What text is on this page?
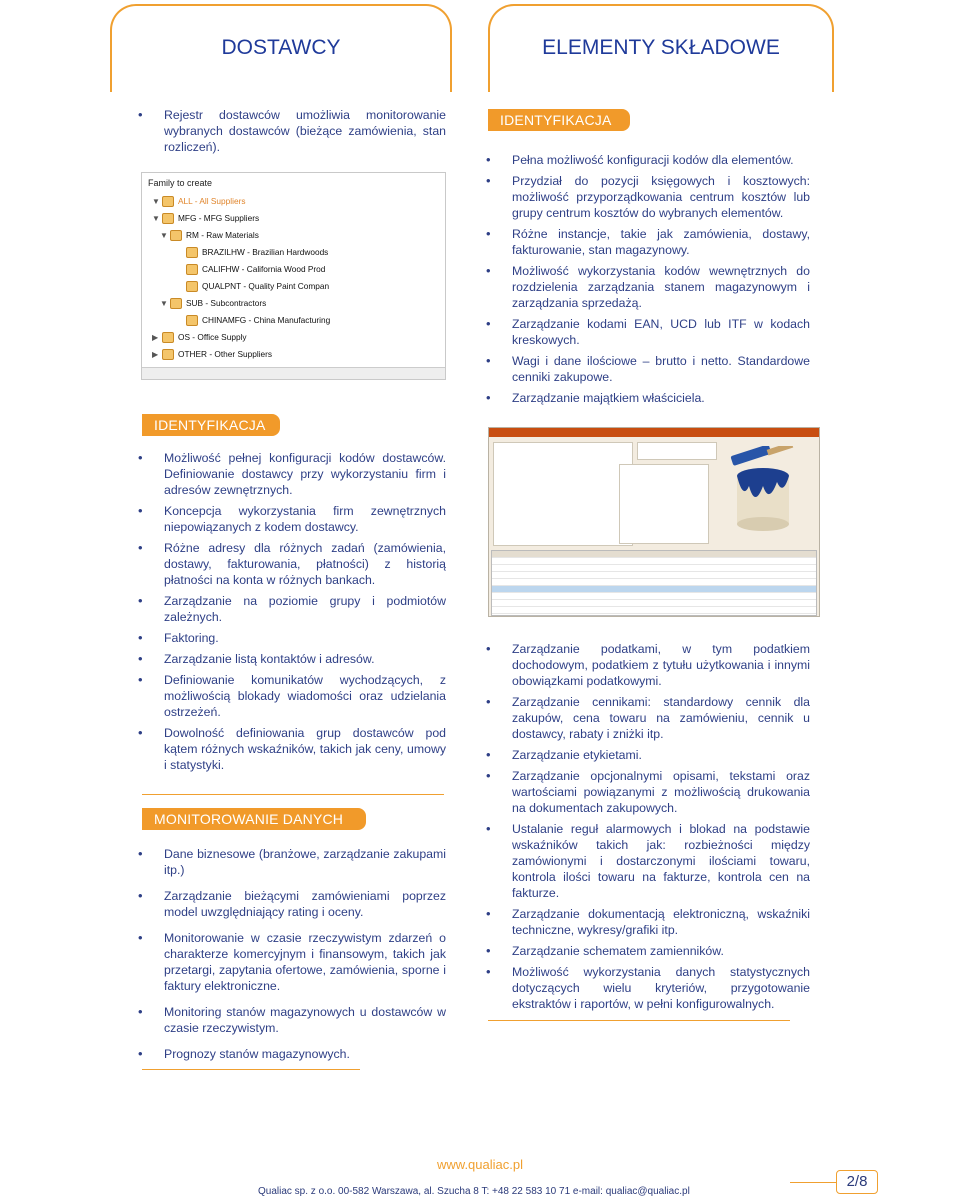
DOSTAWCY	ELEMENTY SKŁADOWE
• Rejestr dostawców umożliwia monitorowanie wybranych dostawców (bieżące zamówienia, stan rozliczeń).
Family to create
▼ ALL - All Suppliers
▼ MFG - MFG Suppliers
▼ RM - Raw Materials
BRAZILHW - Brazilian Hardwoods
CALIFHW - California Wood Prod
QUALPNT - Quality Paint Compan
▼ SUB - Subcontractors
CHINAMFG - China Manufacturing
▶ OS - Office Supply
▶ OTHER - Other Suppliers
IDENTYFIKACJA
• Możliwość pełnej konfiguracji kodów dostawców. Definiowanie dostawcy przy wykorzystaniu firm i adresów zewnętrznych.
• Koncepcja wykorzystania firm zewnętrznych niepowiązanych z kodem dostawcy.
• Różne adresy dla różnych zadań (zamówienia, dostawy, fakturowania, płatności) z historią płatności na konta w różnych bankach.
• Zarządzanie na poziomie grupy i podmiotów zależnych.
• Faktoring.
• Zarządzanie listą kontaktów i adresów.
• Definiowanie komunikatów wychodzących, z możliwością blokady wiadomości oraz udzielania ostrzeżeń.
• Dowolność definiowania grup dostawców pod kątem różnych wskaźników, takich jak ceny, umowy i statystyki.
MONITOROWANIE DANYCH
• Dane biznesowe (branżowe, zarządzanie zakupami itp.)
• Zarządzanie bieżącymi zamówieniami poprzez model uwzględniający rating i oceny.
• Monitorowanie w czasie rzeczywistym zdarzeń o charakterze komercyjnym i finansowym, takich jak przetargi, zapytania ofertowe, zamówienia, sporne i faktury elektroniczne.
• Monitoring stanów magazynowych u dostawców w czasie rzeczywistym.
• Prognozy stanów magazynowych.
IDENTYFIKACJA
• Pełna możliwość konfiguracji kodów dla elementów.
• Przydział do pozycji księgowych i kosztowych: możliwość przyporządkowania centrum kosztów lub grupy centrum kosztów do wybranych elementów.
• Różne instancje, takie jak zamówienia, dostawy, fakturowanie, stan magazynowy.
• Możliwość wykorzystania kodów wewnętrznych do rozdzielenia zarządzania stanem magazynowym i zarządzania sprzedażą.
• Zarządzanie kodami EAN, UCD lub ITF w kodach kreskowych.
• Wagi i dane ilościowe – brutto i netto. Standardowe cenniki zakupowe.
• Zarządzanie majątkiem właściciela.
• Zarządzanie podatkami, w tym podatkiem dochodowym, podatkiem z tytułu użytkowania i innymi obowiązkami podatkowymi.
• Zarządzanie cennikami: standardowy cennik dla zakupów, cena towaru na zamówieniu, cennik u dostawcy, rabaty i zniżki itp.
• Zarządzanie etykietami.
• Zarządzanie opcjonalnymi opisami, tekstami oraz wartościami powiązanymi z możliwością drukowania na dokumentach zakupowych.
• Ustalanie reguł alarmowych i blokad na podstawie wskaźników takich jak: rozbieżności między zamówionymi i dostarczonymi ilościami towaru, kontrola ilości towaru na fakturze, kontrola cen na fakturze.
• Zarządzanie dokumentacją elektroniczną, wskaźniki techniczne, wykresy/grafiki itp.
• Zarządzanie schematem zamienników.
• Możliwość wykorzystania danych statystycznych dotyczących wielu kryteriów, przygotowanie ekstraktów i raportów, w pełni konfigurowalnych.
www.qualiac.pl
Qualiac sp. z o.o. 00-582 Warszawa, al. Szucha 8 T: +48 22 583 10 71 e-mail: qualiac@qualiac.pl
2/8
